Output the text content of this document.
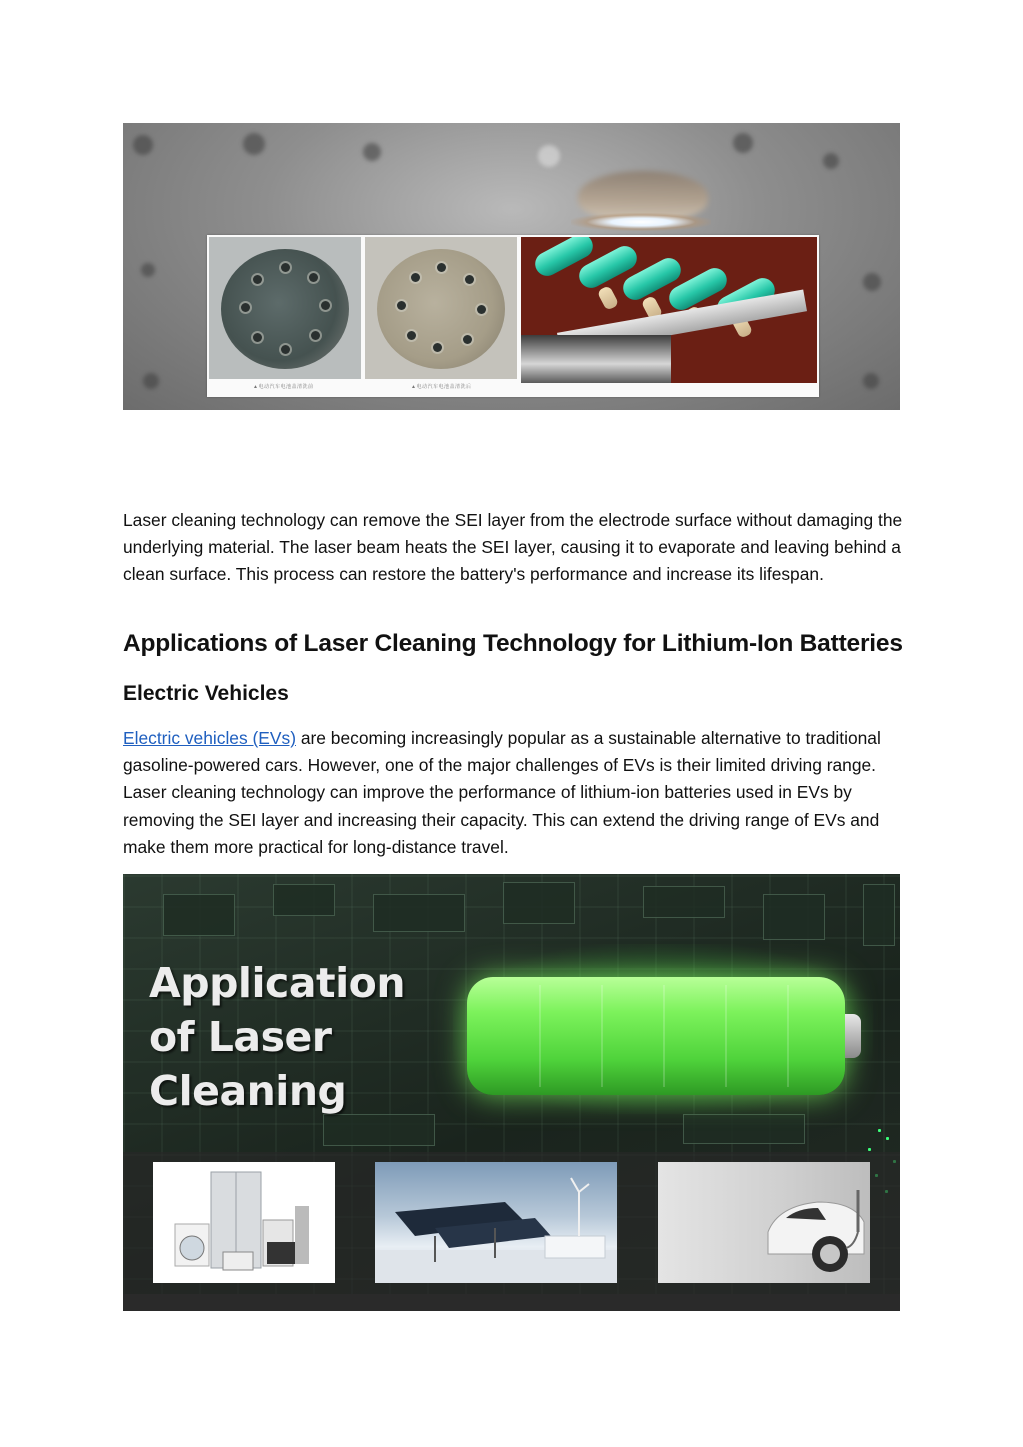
▲电动汽车电池盖清洗前	▲电动汽车电池盖清洗后

Laser cleaning technology can remove the SEI layer from the electrode surface without damaging the underlying material. The laser beam heats the SEI layer, causing it to evaporate and leaving behind a clean surface. This process can restore the battery's performance and increase its lifespan.

Applications of Laser Cleaning Technology for Lithium-Ion Batteries
Electric Vehicles

Electric vehicles (EVs) are becoming increasingly popular as a sustainable alternative to traditional gasoline-powered cars. However, one of the major challenges of EVs is their limited driving range. Laser cleaning technology can improve the performance of lithium-ion batteries used in EVs by removing the SEI layer and increasing their capacity. This can extend the driving range of EVs and make them more practical for long-distance travel.

Application
of Laser
Cleaning
